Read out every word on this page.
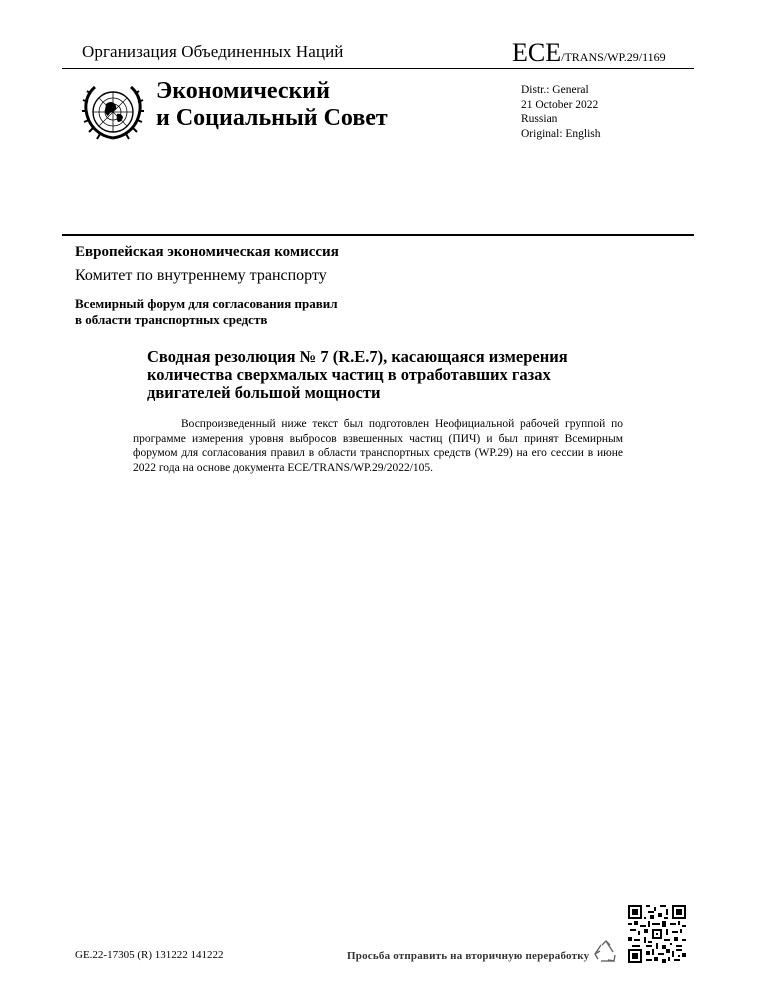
Организация Объединенных Наций	ECE/TRANS/WP.29/1169
Экономический
и Социальный Совет
Distr.: General
21 October 2022
Russian
Original: English
Европейская экономическая комиссия
Комитет по внутреннему транспорту
Всемирный форум для согласования правил
в области транспортных средств
Сводная резолюция № 7 (R.E.7), касающаяся измерения количества сверхмалых частиц в отработавших газах двигателей большой мощности
Воспроизведенный ниже текст был подготовлен Неофициальной рабочей группой по программе измерения уровня выбросов взвешенных частиц (ПИЧ) и был принят Всемирным форумом для согласования правил в области транспортных средств (WP.29) на его сессии в июне 2022 года на основе документа ECE/TRANS/WP.29/2022/105.
GE.22-17305 (R) 131222 141222	Просьба отправить на вторичную переработку
